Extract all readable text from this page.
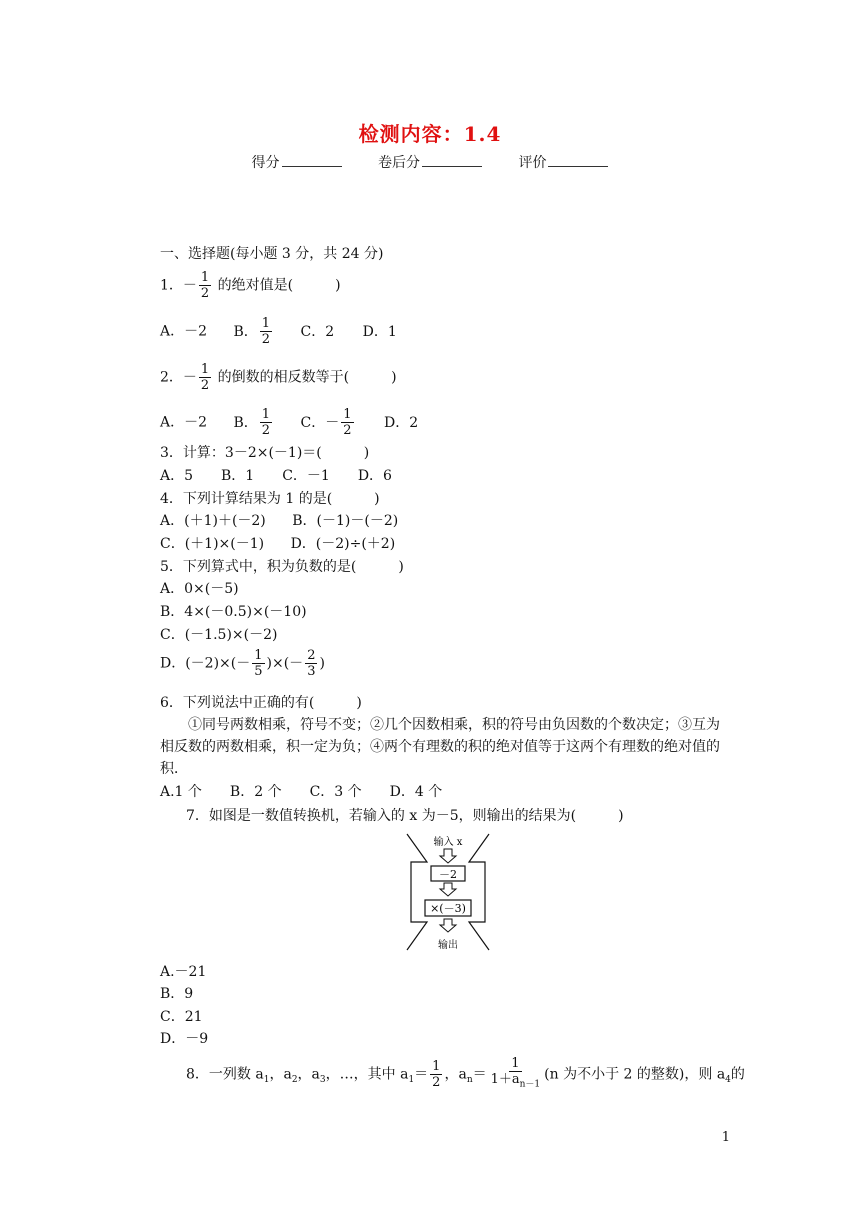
检测内容：1.4
得分	卷后分	评价
一、选择题(每小题 3 分，共 24 分)
1．－ $\frac{1}{2}$ 的绝对值是(　　　)
A．－2 B． $\frac{1}{2}$ C．2 D．1
2．－ $\frac{1}{2}$ 的倒数的相反数等于(　　　)
A．－2 B． $\frac{1}{2}$ C．－ $\frac{1}{2}$ D．2
3．计算：3－2×(－1)＝(　　　)
A．5　　B．1　　C．－1　　D．6
4．下列计算结果为 1 的是(　　　)
A．(＋1)＋(－2) B．(－1)－(－2)
C．(＋1)×(－1) D．(－2)÷(＋2)
5．下列算式中，积为负数的是(　　　)
A．0×(－5)
B．4×(－0.5)×(－10)
C．(－1.5)×(－2)
D．$(-2)\times(- \frac{1}{5}$ )×(－ $\frac{2}{3}$ )
6．下列说法中正确的有(　　　)
①同号两数相乘，符号不变；②几个因数相乘，积的符号由负因数的个数决定；③互为相反数的两数相乘，积一定为负；④两个有理数的积的绝对值等于这两个有理数的绝对值的积．
A.1 个　　B．2 个　　C．3 个　　D．4 个
7．如图是一数值转换机，若输入的 x 为－5，则输出的结果为(　　　)
输入 x
－2
×(－3)
输出
A.－21
B．9
C．21
D．－9
8．一列数 $a_1$，$a_2$，$a_3$，…，其中 $a_1= \frac{1}{2}$ ，$a_n= \frac{1}{1+a_{n-1}} (n$ 为不小于 2 的整数)，则 $a_4$的
1
